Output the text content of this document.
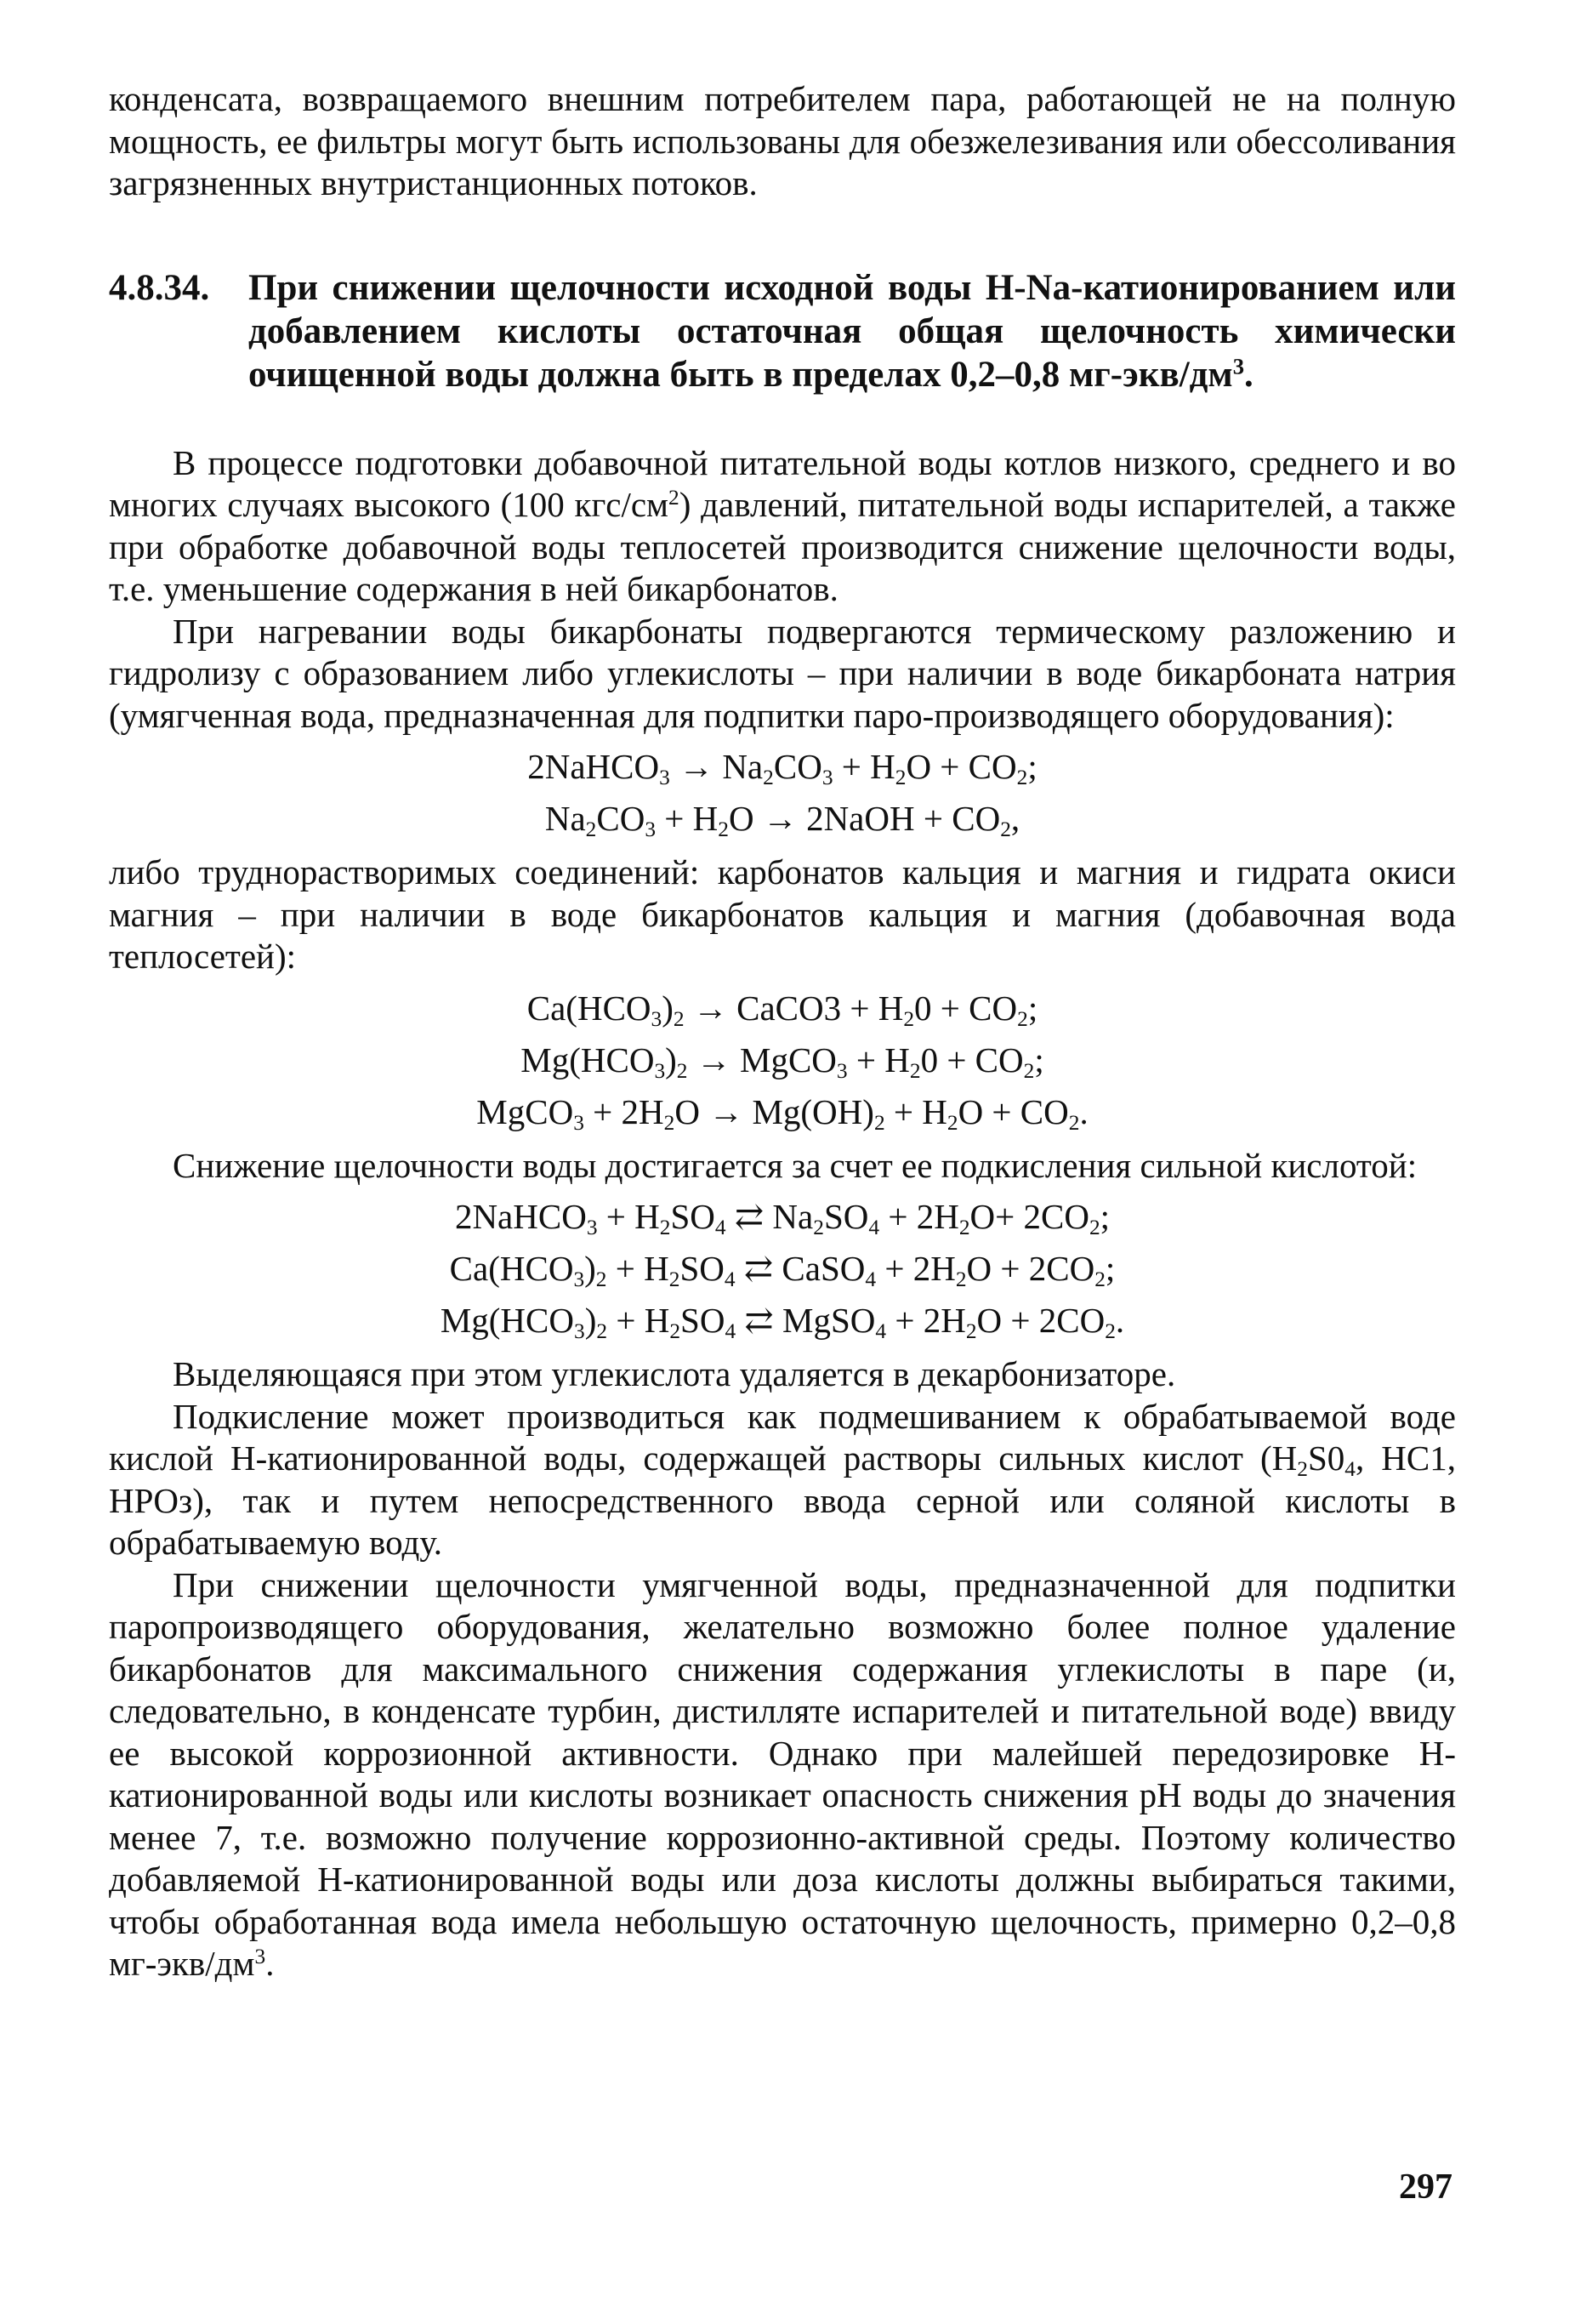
конденсата, возвращаемого внешним потребителем пара, работающей не на полную мощность, ее фильтры могут быть использованы для обезжелезивания или обессоливания загрязненных внутристанционных потоков.

4.8.34.	При снижении щелочности исходной воды H-Na-катионированием или добавлением кислоты остаточная общая щелочность химически очищенной воды должна быть в пределах 0,2–0,8 $мг-экв/дм^3$.

В процессе подготовки добавочной питательной воды котлов низкого, среднего и во многих случаях высокого (100 кгс/$см^2$) давлений, питательной воды испарителей, а также при обработке добавочной воды теплосетей производится снижение щелочности воды, т.е. уменьшение содержания в ней бикарбонатов.

При нагревании воды бикарбонаты подвергаются термическому разложению и гидролизу с образованием либо углекислоты – при наличии в воде бикарбоната натрия (умягченная вода, предназначенная для подпитки паро-производящего оборудования):

2NaHCO$_3$ → $Na_2CO_3 + H_2O + CO_2$;
$Na_2CO_3 + H_2O$ → 2NaOH + $CO_2$,

либо труднорастворимых соединений: карбонатов кальция и магния и гидрата окиси магния – при наличии в воде бикарбонатов кальция и магния (добавочная вода теплосетей):

$Ca(HCO_3)_2$ → CaCO3 + $H_20 + CO_2$;
$Mg(HCO_3)_2$ → MgCO$_3$ + $H_20 + CO_2$;
MgCO$_3$ + $2H_2O \to Mg(OH)_2 + H_2O + CO_2$.

Снижение щелочности воды достигается за счет ее подкисления сильной кислотой:

2NaHCO$_3$ + $H_2SO_4$ ⇄ $Na_2SO_4 + 2H_2O+ 2CO_2$;
$Ca(HCO_3)_2 + H_2SO_4$ ⇄ CaSO$_4$ + $2H_2O + 2CO_2$;
$Mg(HCO_3)_2 + H_2SO_4$ ⇄ MgSO$_4$ + $2H_2O + 2CO_2$.

Выделяющаяся при этом углекислота удаляется в декарбонизаторе.

Подкисление может производиться как подмешиванием к обрабатываемой воде кислой Н-катионированной воды, содержащей растворы сильных кислот ($H_2S0_4$, HC1, HPOз), так и путем непосредственного ввода серной или соляной кислоты в обрабатываемую воду.

При снижении щелочности умягченной воды, предназначенной для подпитки паропроизводящего оборудования, желательно возможно более полное удаление бикарбонатов для максимального снижения содержания углекислоты в паре (и, следовательно, в конденсате турбин, дистилляте испарителей и питательной воде) ввиду ее высокой коррозионной активности. Однако при малейшей передозировке Н-катионированной воды или кислоты возникает опасность снижения рН воды до значения менее 7, т.е. возможно получение коррозионно-активной среды. Поэтому количество добавляемой Н-катионированной воды или доза кислоты должны выбираться такими, чтобы обработанная вода имела небольшую остаточную щелочность, примерно 0,2–0,8 $мг-экв/дм^3$.

297
